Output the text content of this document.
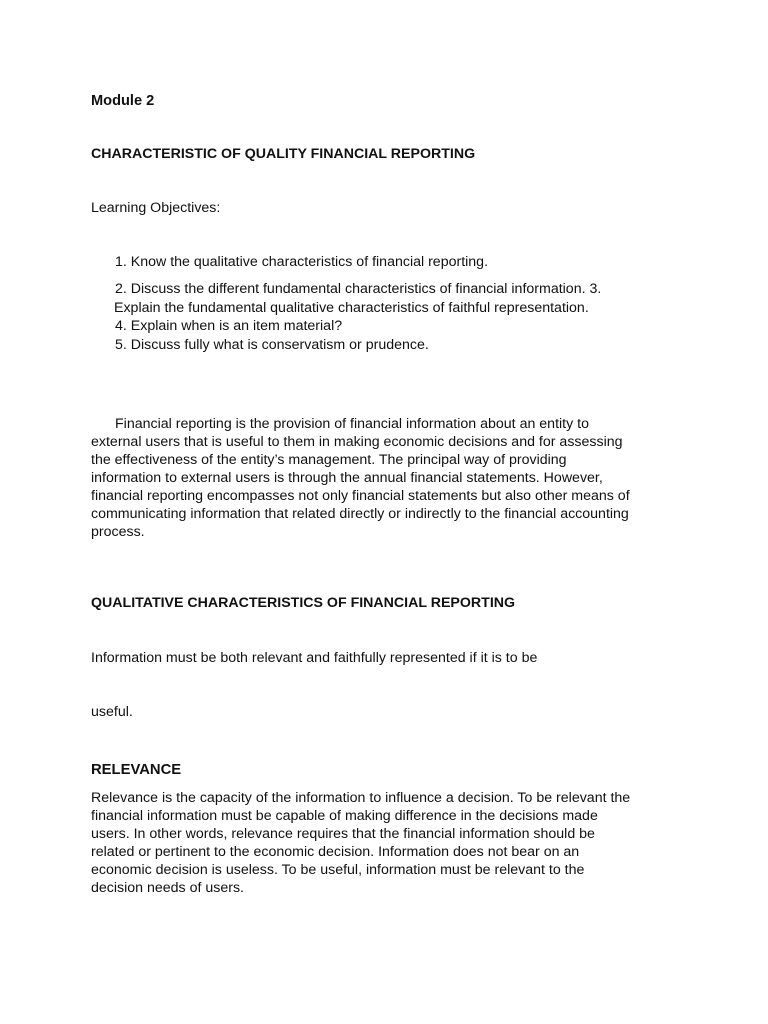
Module 2
CHARACTERISTIC OF QUALITY FINANCIAL REPORTING
Learning Objectives:
1. Know the qualitative characteristics of financial reporting.
2. Discuss the different fundamental characteristics of financial information. 3.
Explain the fundamental qualitative characteristics of faithful representation.
4. Explain when is an item material?
5. Discuss fully what is conservatism or prudence.
Financial reporting is the provision of financial information about an entity to
external users that is useful to them in making economic decisions and for assessing
the effectiveness of the entity’s management. The principal way of providing
information to external users is through the annual financial statements. However,
financial reporting encompasses not only financial statements but also other means of
communicating information that related directly or indirectly to the financial accounting
process.
QUALITATIVE CHARACTERISTICS OF FINANCIAL REPORTING
Information must be both relevant and faithfully represented if it is to be
useful.
RELEVANCE
Relevance is the capacity of the information to influence a decision. To be relevant the
financial information must be capable of making difference in the decisions made
users. In other words, relevance requires that the financial information should be
related or pertinent to the economic decision. Information does not bear on an
economic decision is useless. To be useful, information must be relevant to the
decision needs of users.
